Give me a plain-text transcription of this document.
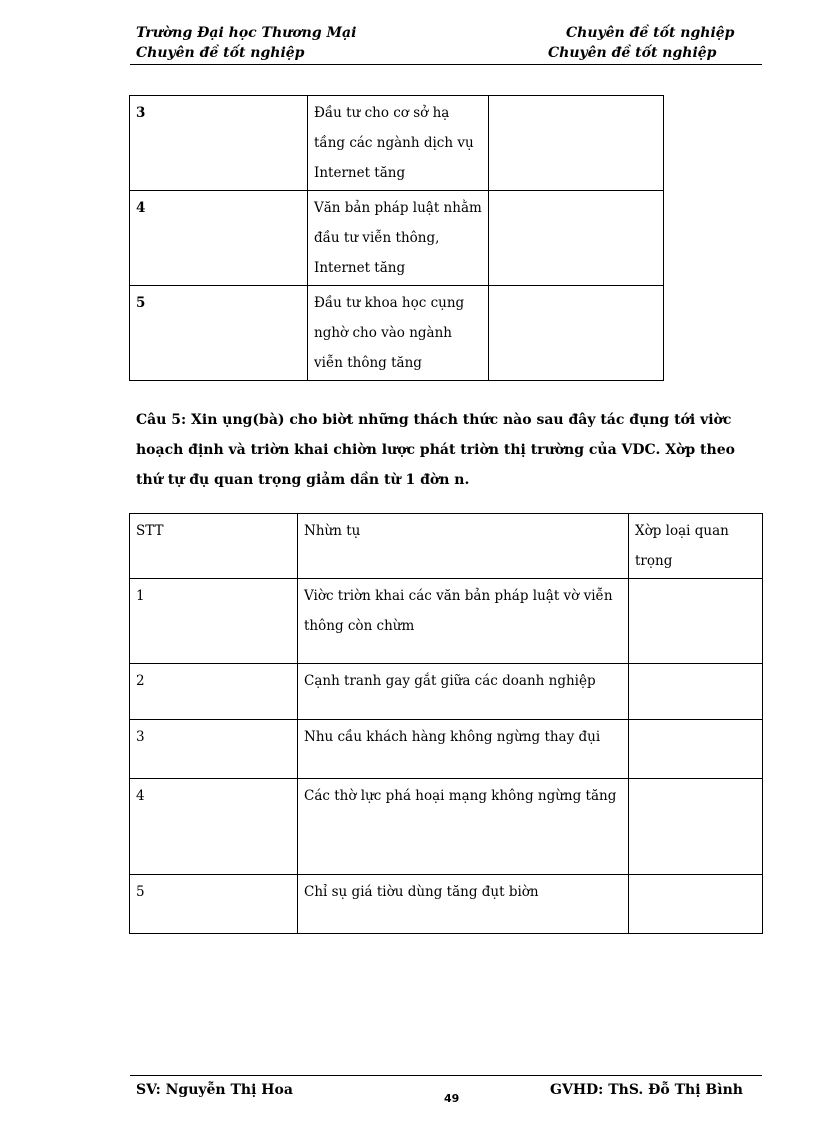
Trường Đại học Thương Mại
Chuyên đề tốt nghiệp
Chuyên đề tốt nghiệp
Chuyên đề tốt nghiệp
3	Đầu tư cho cơ sở hạ tầng các ngành dịch vụ Internet tăng	
4	Văn bản pháp luật nhằm đầu tư viễn thông, Internet tăng	
5	Đầu tư khoa học cụng nghờ cho vào ngành viễn thông tăng	
Câu 5: Xin ụng(bà) cho biờt những thách thức nào sau đây tác đụng tới viờc hoạch định và triờn khai chiờn lược phát triờn thị trường của VDC. Xờp theo thứ tự đụ quan trọng giảm dần từ 1 đờn n.
STT	Nhừn tụ	Xờp loại quan trọng
1	Viờc triờn khai các văn bản pháp luật vờ viễn thông còn chừm	
2	Cạnh tranh gay gắt giữa các doanh nghiệp	
3	Nhu cầu khách hàng không ngừng thay đụi	
4	Các thờ lực phá hoại mạng không ngừng tăng	
5	Chỉ sụ giá tiờu dùng tăng đụt biờn	
SV: Nguyễn Thị Hoa
49
GVHD: ThS. Đỗ Thị Bình
